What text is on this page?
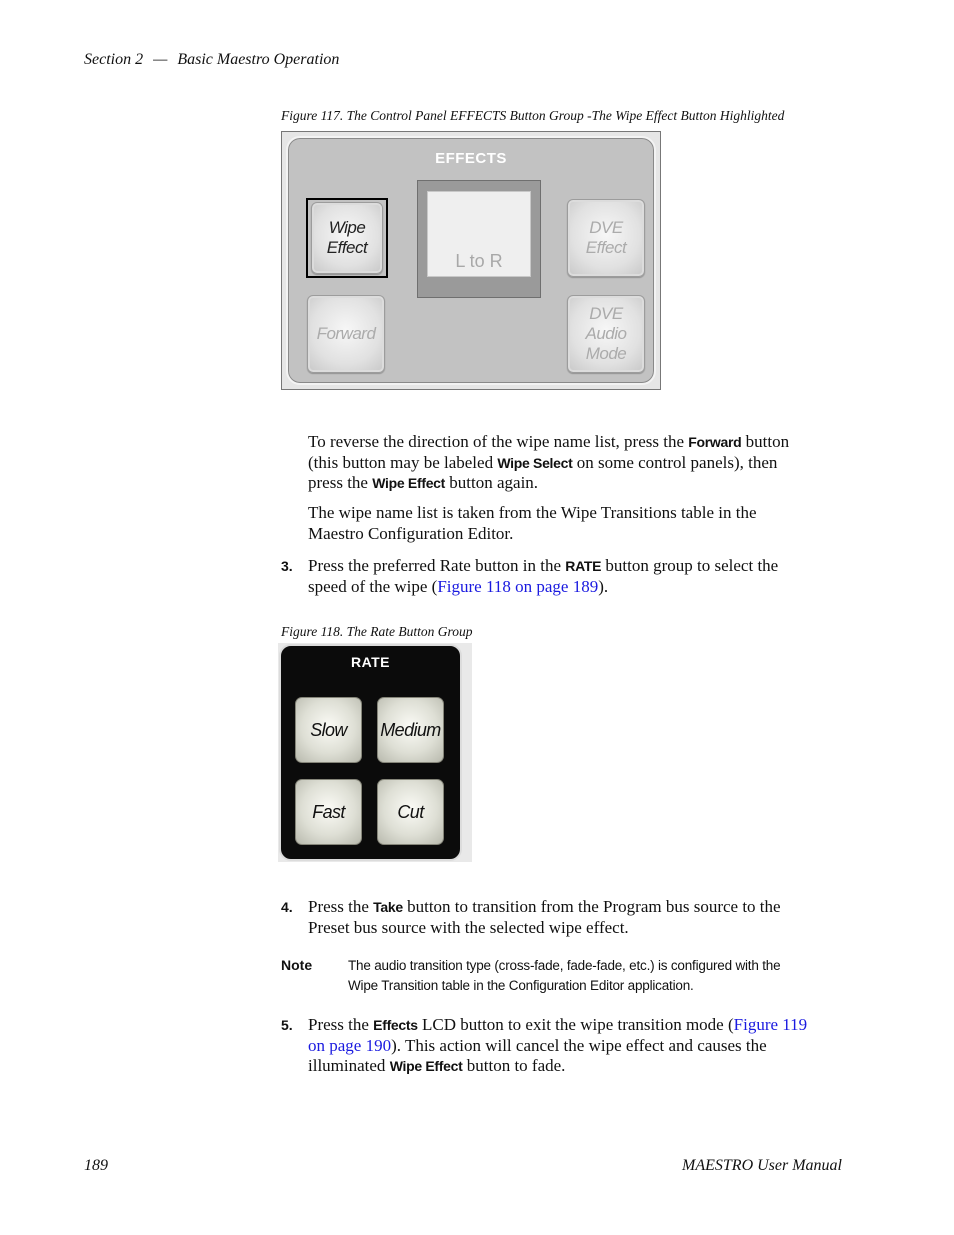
Section 2 — Basic Maestro Operation
Figure 117. The Control Panel EFFECTS Button Group -The Wipe Effect Button Highlighted
EFFECTS
Wipe
Effect
Forward
L to R
DVE
Effect
DVE
Audio
Mode
To reverse the direction of the wipe name list, press the Forward button
(this button may be labeled Wipe Select on some control panels), then
press the Wipe Effect button again.
The wipe name list is taken from the Wipe Transitions table in the
Maestro Configuration Editor.
3. Press the preferred Rate button in the RATE button group to select the
speed of the wipe (Figure 118 on page 189).
Figure 118. The Rate Button Group
RATE
Slow	Medium
Fast	Cut
4. Press the Take button to transition from the Program bus source to the
Preset bus source with the selected wipe effect.
Note	The audio transition type (cross-fade, fade-fade, etc.) is configured with the
Wipe Transition table in the Configuration Editor application.
5. Press the Effects LCD button to exit the wipe transition mode (Figure 119
on page 190). This action will cancel the wipe effect and causes the
illuminated Wipe Effect button to fade.
189	MAESTRO User Manual
